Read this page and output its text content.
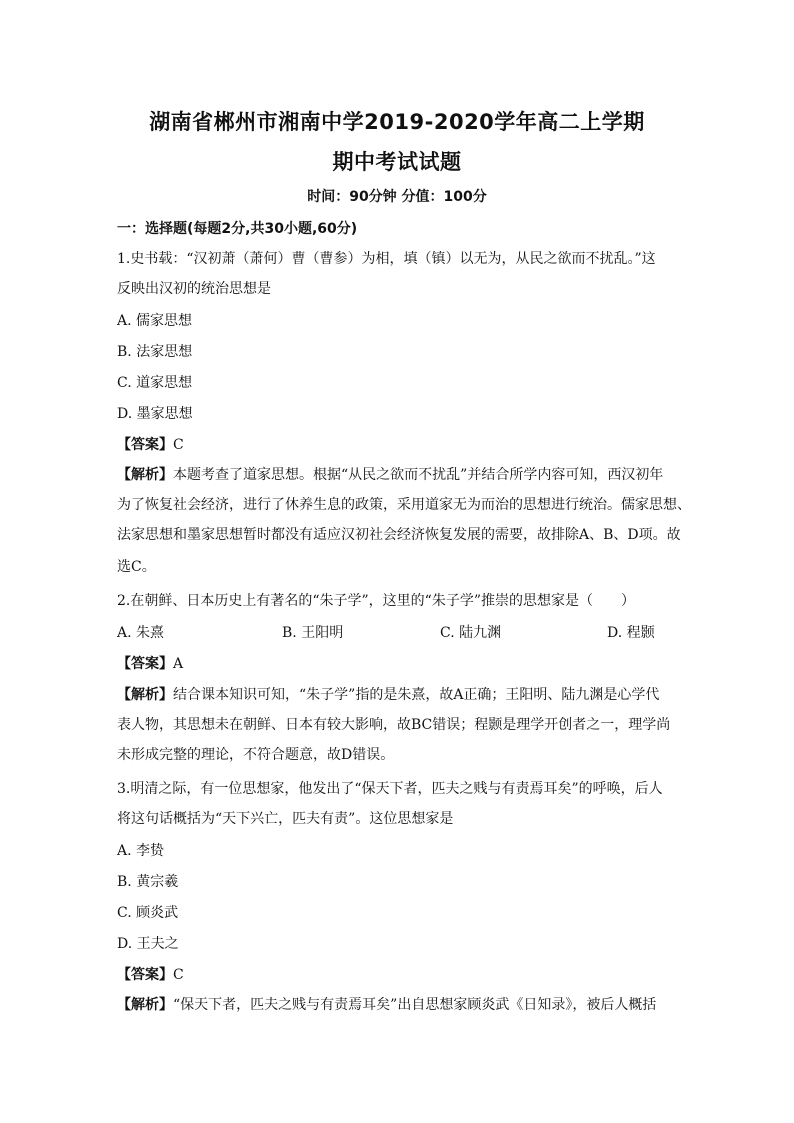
湖南省郴州市湘南中学2019-2020学年高二上学期
期中考试试题
时间：90分钟 分值：100分
一：选择题(每题2分,共30小题,60分)
1.史书载：“汉初萧（萧何）曹（曹参）为相，填（镇）以无为，从民之欲而不扰乱。”这
反映出汉初的统治思想是
A. 儒家思想
B. 法家思想
C. 道家思想
D. 墨家思想
【答案】C
【解析】本题考查了道家思想。根据“从民之欲而不扰乱”并结合所学内容可知，西汉初年
为了恢复社会经济，进行了休养生息的政策，采用道家无为而治的思想进行统治。儒家思想、
法家思想和墨家思想暂时都没有适应汉初社会经济恢复发展的需要，故排除A、B、D项。故
选C。
2.在朝鲜、日本历史上有著名的“朱子学”，这里的“朱子学”推崇的思想家是（　　）
A. 朱熹	B. 王阳明	C. 陆九渊	D. 程颢
【答案】A
【解析】结合课本知识可知，“朱子学”指的是朱熹，故A正确；王阳明、陆九渊是心学代
表人物，其思想未在朝鲜、日本有较大影响，故BC错误；程颢是理学开创者之一，理学尚
未形成完整的理论，不符合题意，故D错误。
3.明清之际，有一位思想家，他发出了“保天下者，匹夫之贱与有责焉耳矣”的呼唤，后人
将这句话概括为“天下兴亡，匹夫有责”。这位思想家是
A. 李贽
B. 黄宗羲
C. 顾炎武
D. 王夫之
【答案】C
【解析】“保天下者，匹夫之贱与有责焉耳矣”出自思想家顾炎武《日知录》，被后人概括
